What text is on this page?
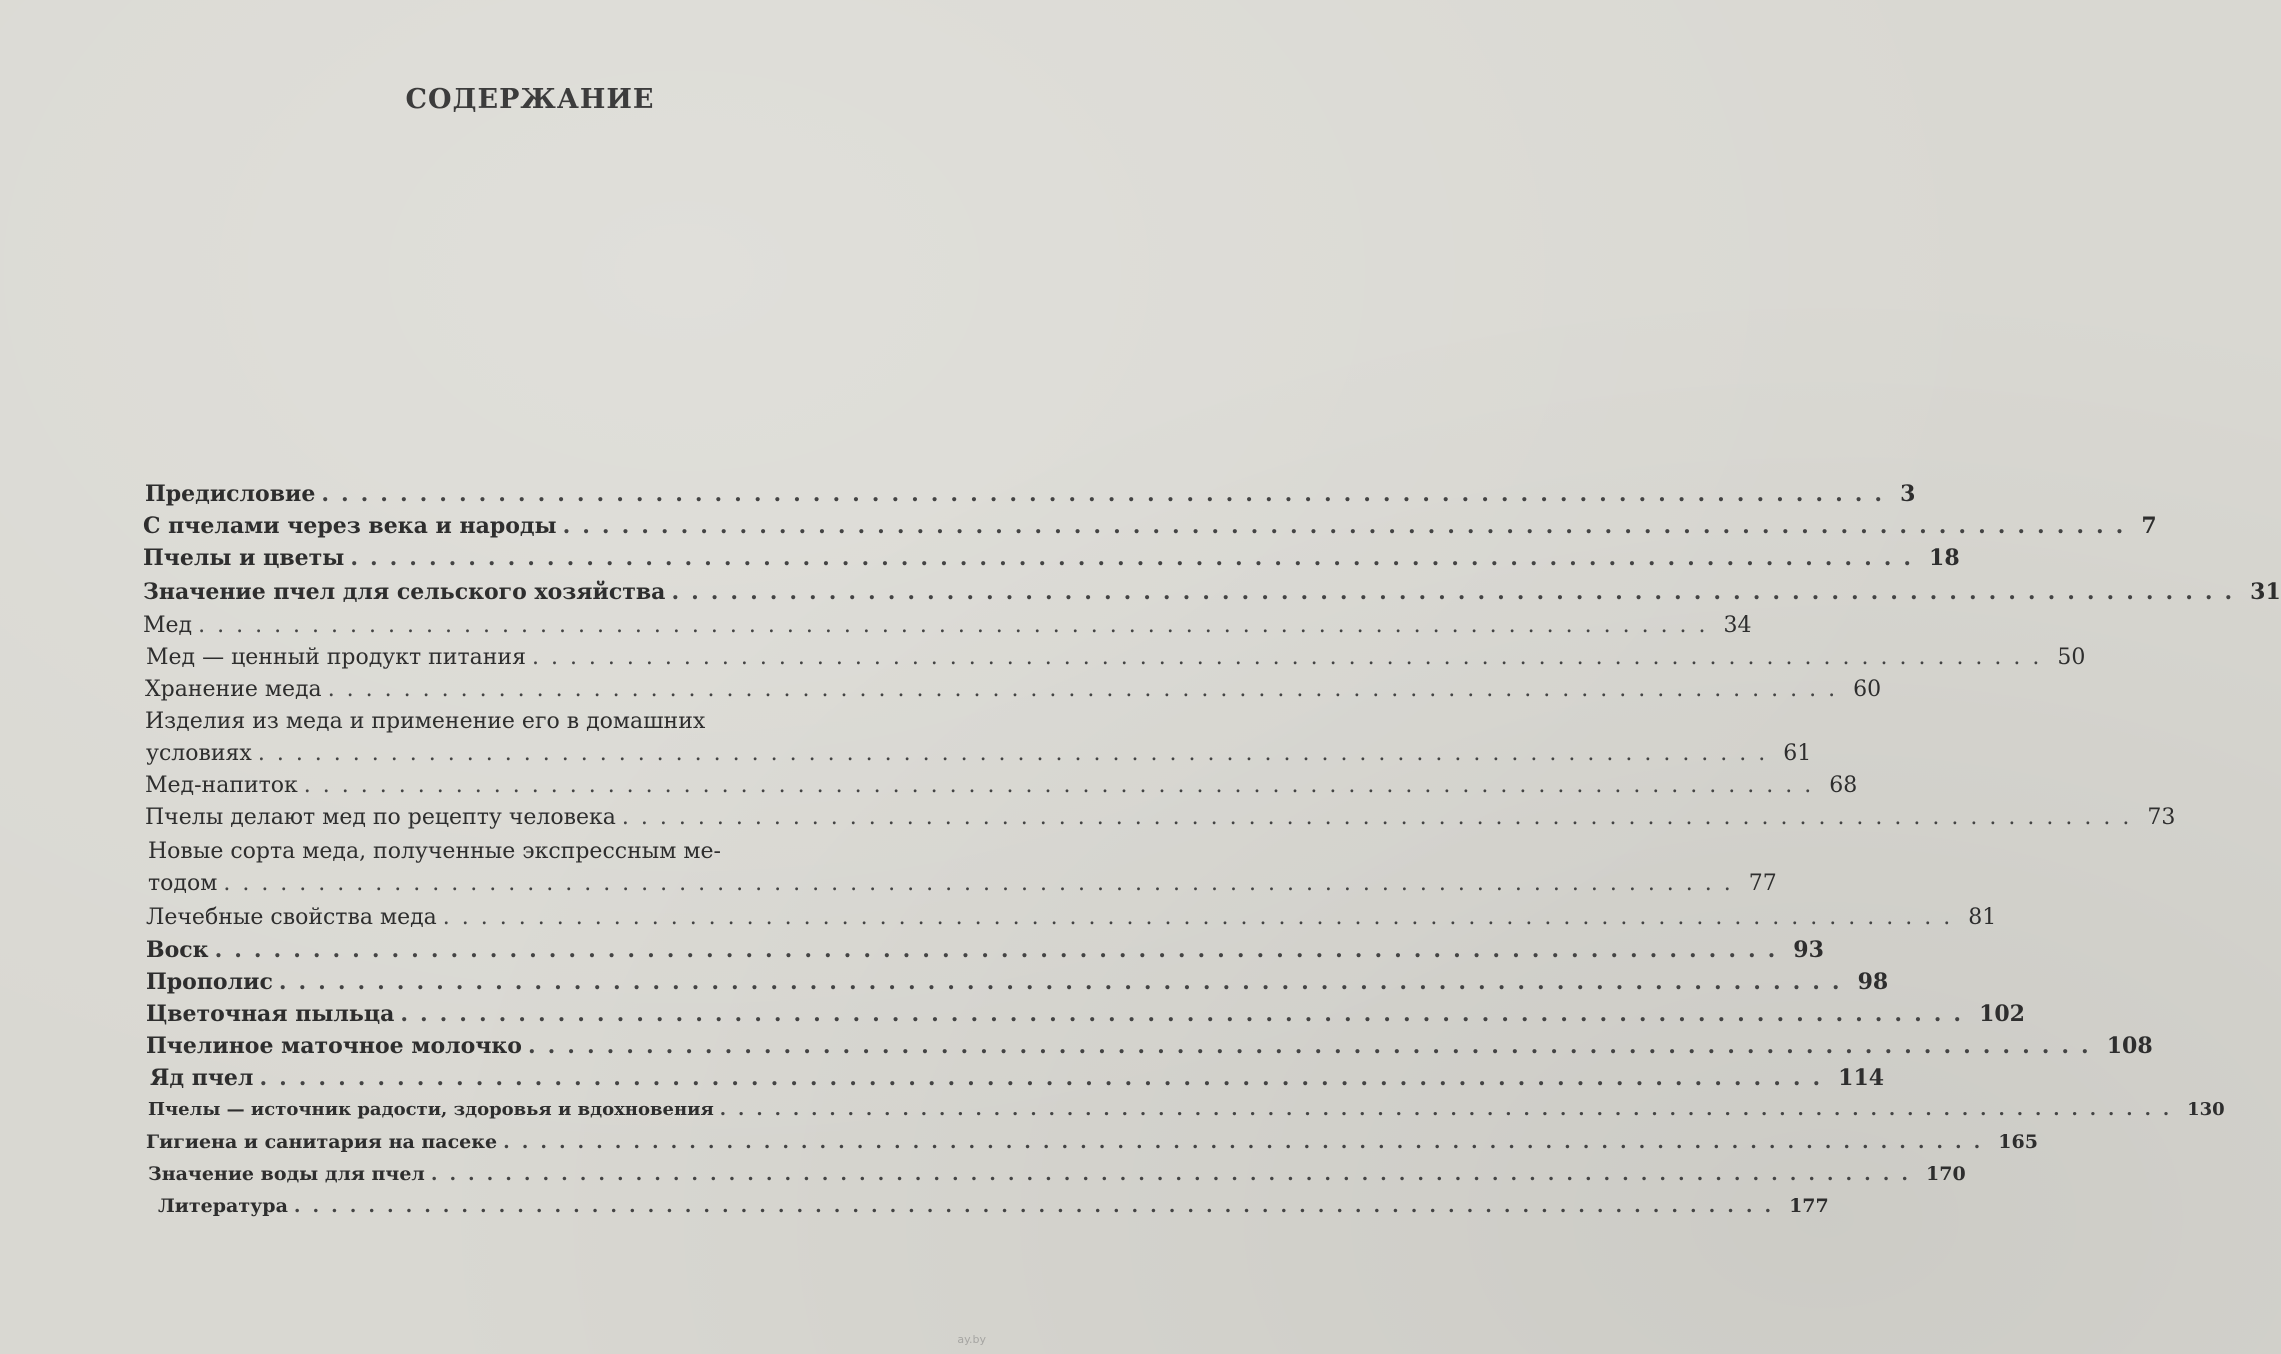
СОДЕРЖАНИЕ
Предисловие ................................................................................ 3
С пчелами через века и народы ................................................................................ 7
Пчелы и цветы ................................................................................ 18
Значение пчел для сельского хозяйства ................................................................................ 31
Мед ................................................................................ 34
Мед — ценный продукт питания ................................................................................ 50
Хранение меда ................................................................................ 60
Изделия из меда и применение его в домашних
условиях ................................................................................ 61
Мед-напиток ................................................................................ 68
Пчелы делают мед по рецепту человека ................................................................................ 73
Новые сорта меда, полученные экспрессным ме-
тодом ................................................................................ 77
Лечебные свойства меда ................................................................................ 81
Воск ................................................................................ 93
Прополис ................................................................................ 98
Цветочная пыльца ................................................................................ 102
Пчелиное маточное молочко ................................................................................ 108
Яд пчел ................................................................................ 114
Пчелы — источник радости, здоровья и вдохновения ................................................................................ 130
Гигиена и санитария на пасеке ................................................................................ 165
Значение воды для пчел ................................................................................ 170
Литература ................................................................................ 177
ay.by
